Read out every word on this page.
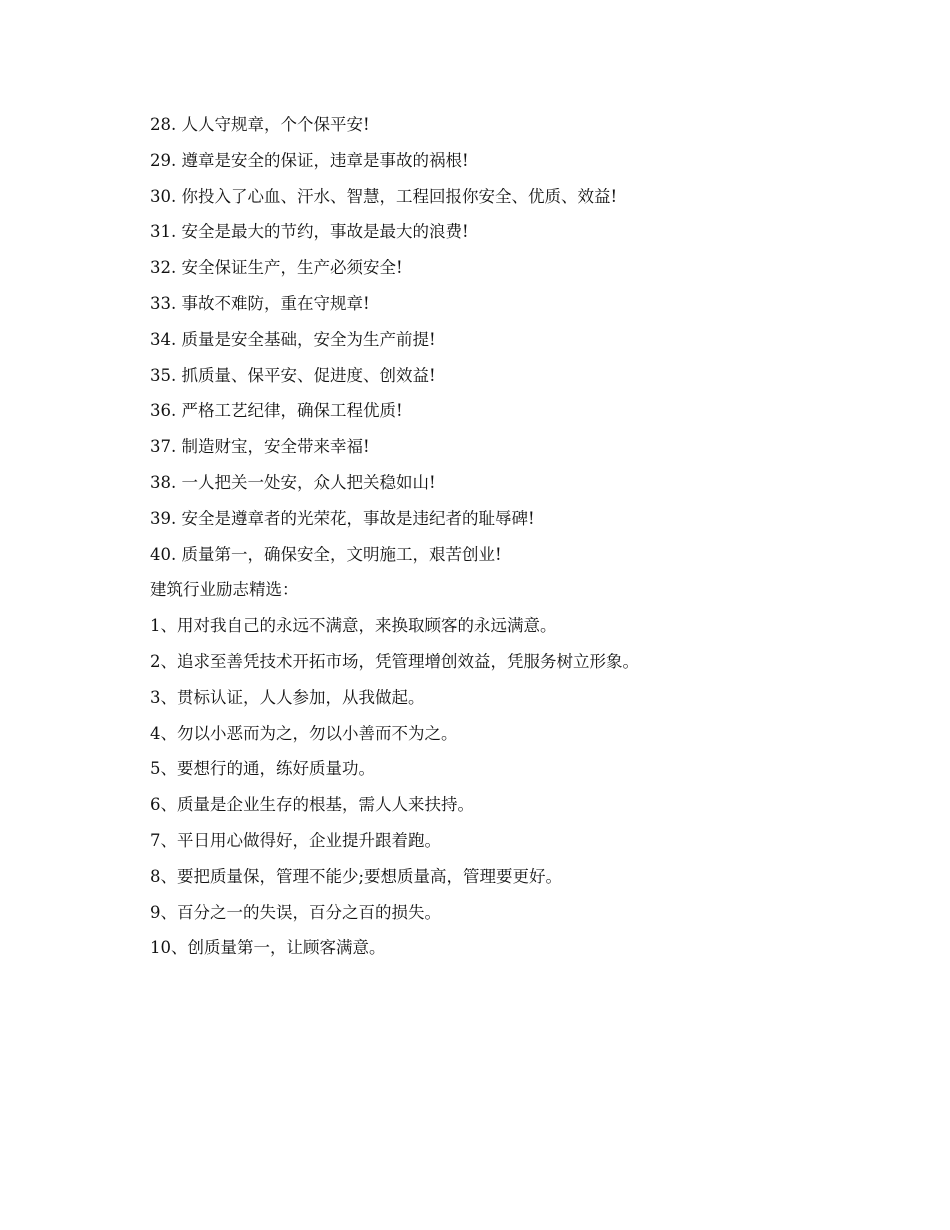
28. 人人守规章，个个保平安!
29. 遵章是安全的保证，违章是事故的祸根!
30. 你投入了心血、汗水、智慧，工程回报你安全、优质、效益!
31. 安全是最大的节约，事故是最大的浪费!
32. 安全保证生产，生产必须安全!
33. 事故不难防，重在守规章!
34. 质量是安全基础，安全为生产前提!
35. 抓质量、保平安、促进度、创效益!
36. 严格工艺纪律，确保工程优质!
37. 制造财宝，安全带来幸福!
38. 一人把关一处安，众人把关稳如山!
39. 安全是遵章者的光荣花，事故是违纪者的耻辱碑!
40. 质量第一，确保安全，文明施工，艰苦创业!
建筑行业励志精选：
1、用对我自己的永远不满意，来换取顾客的永远满意。
2、追求至善凭技术开拓市场，凭管理增创效益，凭服务树立形象。
3、贯标认证，人人参加，从我做起。
4、勿以小恶而为之，勿以小善而不为之。
5、要想行的通，练好质量功。
6、质量是企业生存的根基，需人人来扶持。
7、平日用心做得好，企业提升跟着跑。
8、要把质量保，管理不能少;要想质量高，管理要更好。
9、百分之一的失误，百分之百的损失。
10、创质量第一，让顾客满意。
